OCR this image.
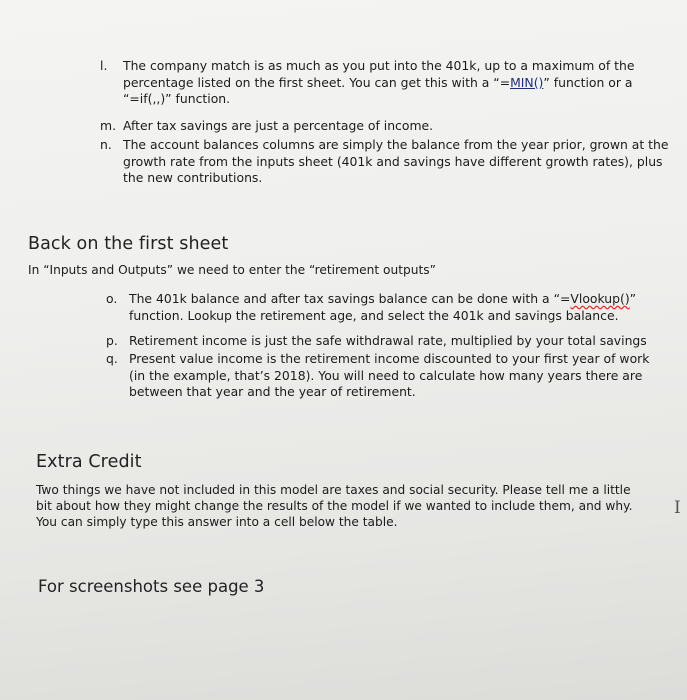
l.	The company match is as much as you put into the 401k, up to a maximum of the percentage listed on the first sheet. You can get this with a “=MIN()” function or a “=if(,,)” function.
m. After tax savings are just a percentage of income.
n. The account balances columns are simply the balance from the year prior, grown at the growth rate from the inputs sheet (401k and savings have different growth rates), plus the new contributions.
Back on the first sheet
In “Inputs and Outputs” we need to enter the “retirement outputs”
o. The 401k balance and after tax savings balance can be done with a “=Vlookup()” function. Lookup the retirement age, and select the 401k and savings balance.
p. Retirement income is just the safe withdrawal rate, multiplied by your total savings
q. Present value income is the retirement income discounted to your first year of work (in the example, that’s 2018). You will need to calculate how many years there are between that year and the year of retirement.
Extra Credit
Two things we have not included in this model are taxes and social security. Please tell me a little bit about how they might change the results of the model if we wanted to include them, and why. You can simply type this answer into a cell below the table.
For screenshots see page 3
I
